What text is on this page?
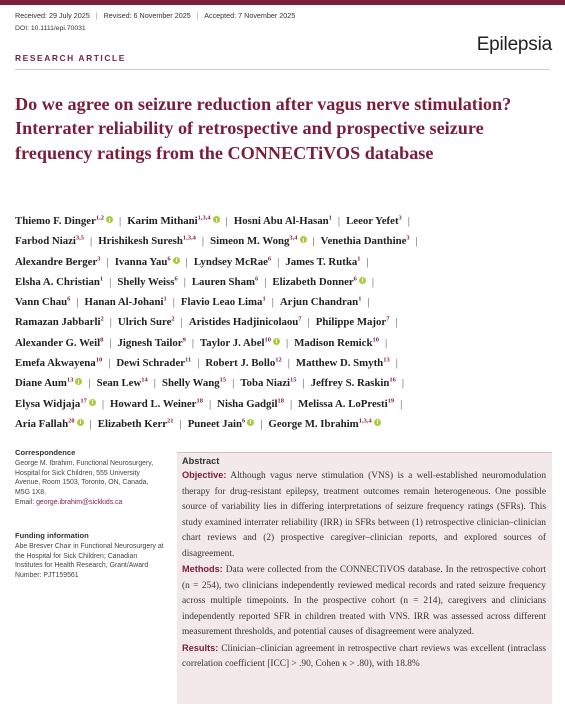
Received: 29 July 2025 | Revised: 6 November 2025 | Accepted: 7 November 2025
DOI: 10.1111/epi.70031
Epilepsia
RESEARCH ARTICLE
Do we agree on seizure reduction after vagus nerve stimulation? Interrater reliability of retrospective and prospective seizure frequency ratings from the CONNECTiVOS database
Thiemo F. Dinger$^{1,2}$ | Karim Mithani$^{1,3,4}$ | Hosni Abu Al-Hasan$^1$ | Leeor Yefet$^3$ |
Farbod Niazi$^{3,5}$ | Hrishikesh Suresh$^{1,3,4}$ | Simeon M. Wong$^{3,4}$ | Venethia Danthine$^3$ |
Alexandre Berger$^3$ | Ivanna Yau$^6$ | Lyndsey McRae$^6$ | James T. Rutka$^1$ |
Elsha A. Christian$^1$ | Shelly Weiss$^6$ | Lauren Sham$^6$ | Elizabeth Donner$^6$ |
Vann Chau$^6$ | Hanan Al-Johani$^1$ | Flavio Leao Lima$^1$ | Arjun Chandran$^1$ |
Ramazan Jabbarli$^2$ | Ulrich Sure$^2$ | Aristides Hadjinicolaou$^7$ | Philippe Major$^7$ |
Alexander G. Weil$^8$ | Jignesh Tailor$^9$ | Taylor J. Abel$^{10}$ | Madison Remick$^{10}$ |
Emefa Akwayena$^{10}$ | Dewi Schrader$^{11}$ | Robert J. Bollo$^{12}$ | Matthew D. Smyth$^{13}$ |
Diane Aum$^{13}$ | Sean Lew$^{14}$ | Shelly Wang$^{15}$ | Toba Niazi$^{15}$ | Jeffrey S. Raskin$^{16}$ |
Elysa Widjaja$^{17}$ | Howard L. Weiner$^{18}$ | Nisha Gadgil$^{18}$ | Melissa A. LoPresti$^{19}$ |
Aria Fallah$^{20}$ | Elizabeth Kerr$^{21}$ | Puneet Jain$^6$ | George M. Ibrahim$^{1,3,4}$
Correspondence

George M. Ibrahim, Functional Neurosurgery, Hospital for Sick Children, 555 University Avenue, Room 1503, Toronto, ON, Canada, M5G 1X8.
Email: george.ibrahim@sickkids.ca

Funding information

Abe Bresver Chair in Functional Neurosurgery at the Hospital for Sick Children; Canadian Institutes for Health Research, Grant/Award Number: PJT159561

Abstract
Objective: Although vagus nerve stimulation (VNS) is a well-established neuromodulation therapy for drug-resistant epilepsy, treatment outcomes remain heterogeneous. One possible source of variability lies in differing interpretations of seizure frequency ratings (SFRs). This study examined interrater reliability (IRR) in SFRs between (1) retrospective clinician–clinician chart reviews and (2) prospective caregiver–clinician reports, and explored sources of disagreement.
Methods: Data were collected from the CONNECTiVOS database. In the retrospective cohort (n = 254), two clinicians independently reviewed medical records and rated seizure frequency across multiple timepoints. In the prospective cohort (n = 214), caregivers and clinicians independently reported SFR in children treated with VNS. IRR was assessed across different measurement thresholds, and potential causes of disagreement were analyzed.
Results: Clinician–clinician agreement in retrospective chart reviews was excellent (intraclass correlation coefficient [ICC] > .90, Cohen κ > .80), with 18.8%
